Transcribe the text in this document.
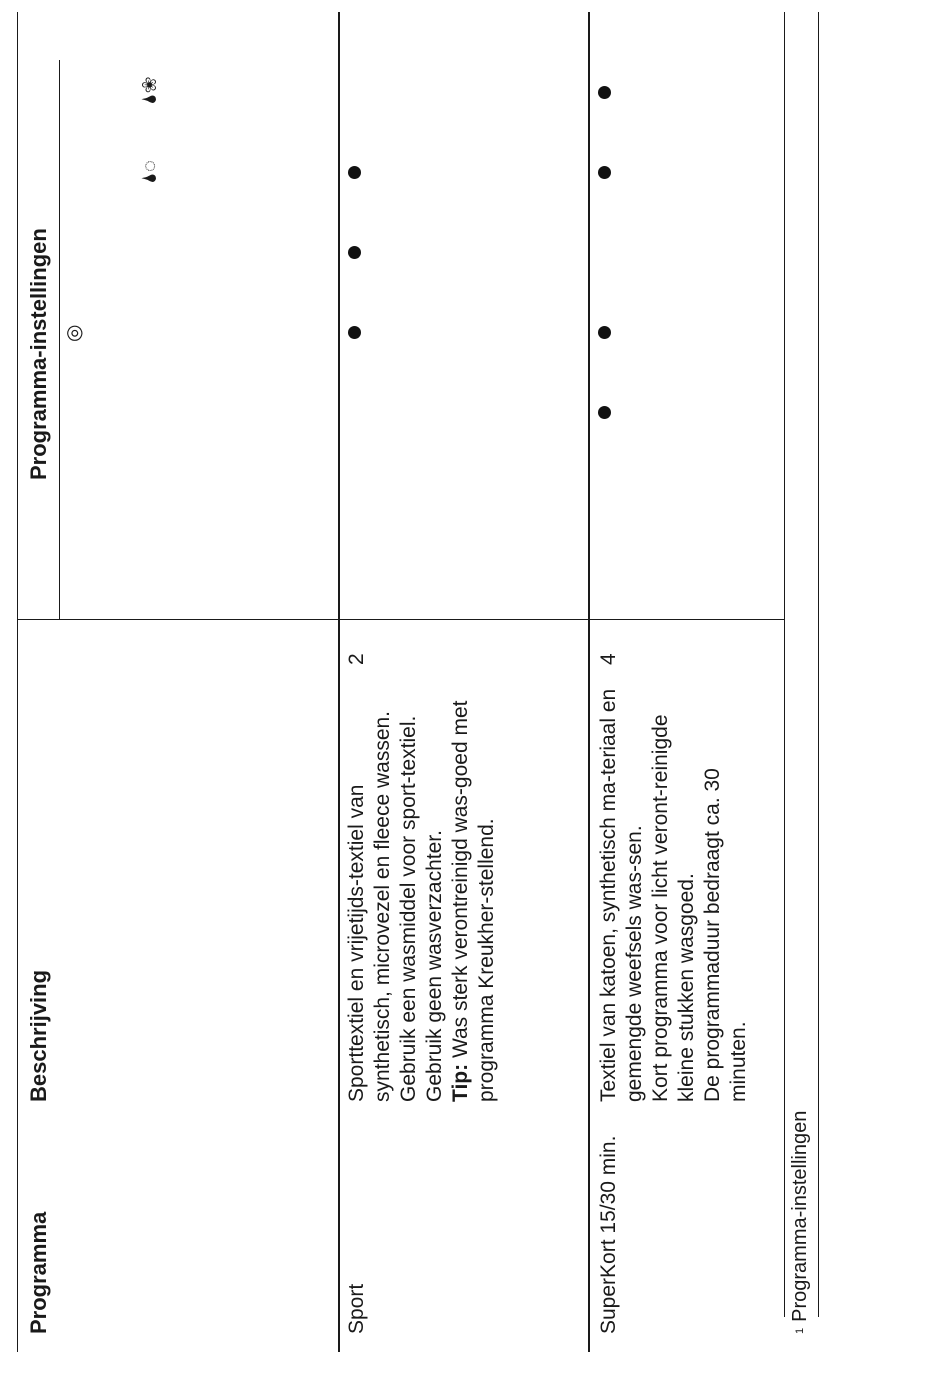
Programma
Beschrijving
Programma-instellingen ◎
🌢◌
🌢❀
Sport

Sporttextiel en vrijetijds-textiel van synthetisch, microvezel en fleece wassen. Gebruik een wasmiddel voor sport-textiel. Gebruik geen wasverzachter. Tip: Was sterk verontreinigd was-goed met programma Kreukher-stellend.

2
SuperKort 15/30 min.

Textiel van katoen, synthetisch ma-teriaal en gemengde weefsels was-sen. Kort programma voor licht veront-reinigde kleine stukken wasgoed. De programmaduur bedraagt ca. 30 minuten.

4
$^1$Programma-instellingen
